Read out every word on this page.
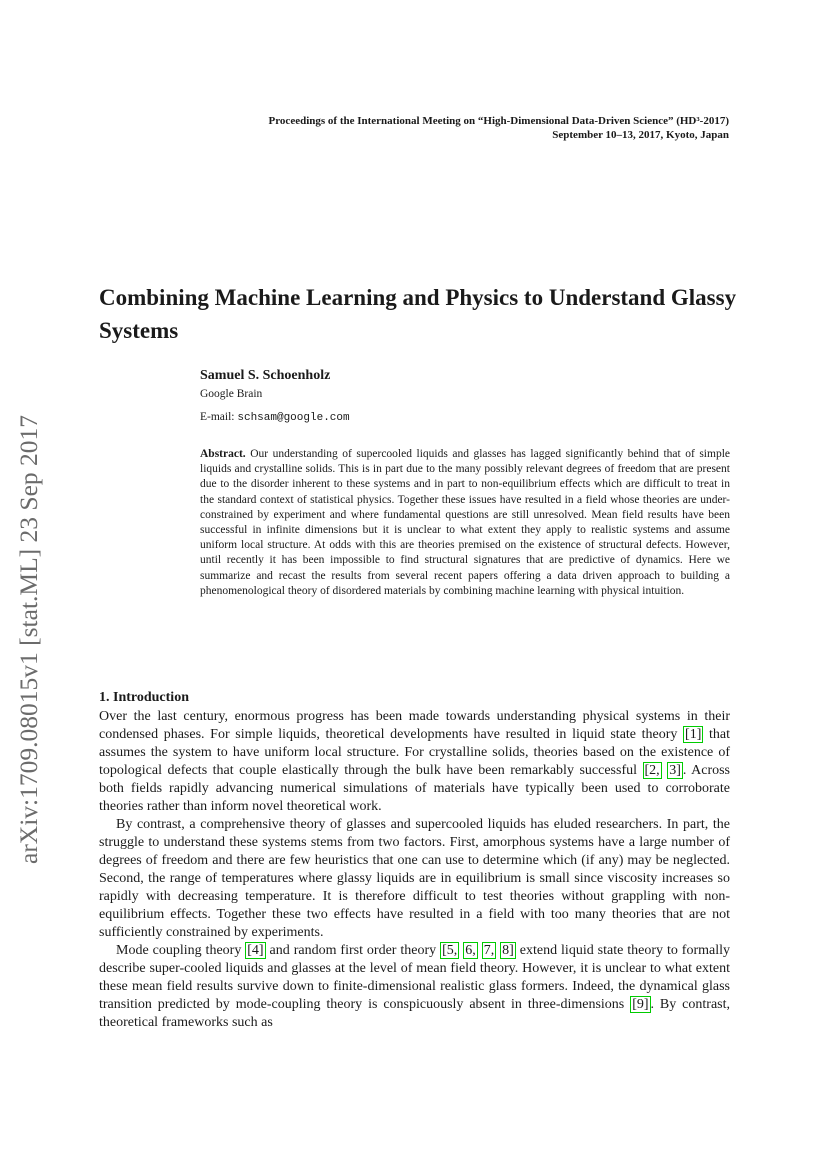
Proceedings of the International Meeting on “High-Dimensional Data-Driven Science” (HD³-2017)
September 10–13, 2017, Kyoto, Japan
arXiv:1709.08015v1 [stat.ML] 23 Sep 2017
Combining Machine Learning and Physics to Understand Glassy Systems
Samuel S. Schoenholz
Google Brain
E-mail: schsam@google.com
Abstract. Our understanding of supercooled liquids and glasses has lagged significantly behind that of simple liquids and crystalline solids. This is in part due to the many possibly relevant degrees of freedom that are present due to the disorder inherent to these systems and in part to non-equilibrium effects which are difficult to treat in the standard context of statistical physics. Together these issues have resulted in a field whose theories are under-constrained by experiment and where fundamental questions are still unresolved. Mean field results have been successful in infinite dimensions but it is unclear to what extent they apply to realistic systems and assume uniform local structure. At odds with this are theories premised on the existence of structural defects. However, until recently it has been impossible to find structural signatures that are predictive of dynamics. Here we summarize and recast the results from several recent papers offering a data driven approach to building a phenomenological theory of disordered materials by combining machine learning with physical intuition.
1. Introduction

Over the last century, enormous progress has been made towards understanding physical systems in their condensed phases. For simple liquids, theoretical developments have resulted in liquid state theory [1] that assumes the system to have uniform local structure. For crystalline solids, theories based on the existence of topological defects that couple elastically through the bulk have been remarkably successful [2, 3] . Across both fields rapidly advancing numerical simulations of materials have typically been used to corroborate theories rather than inform novel theoretical work.

By contrast, a comprehensive theory of glasses and supercooled liquids has eluded researchers. In part, the struggle to understand these systems stems from two factors. First, amorphous systems have a large number of degrees of freedom and there are few heuristics that one can use to determine which (if any) may be neglected. Second, the range of temperatures where glassy liquids are in equilibrium is small since viscosity increases so rapidly with decreasing temperature. It is therefore difficult to test theories without grappling with non-equilibrium effects. Together these two effects have resulted in a field with too many theories that are not sufficiently constrained by experiments.

Mode coupling theory [4] and random first order theory [5, 6, 7, 8] extend liquid state theory to formally describe super-cooled liquids and glasses at the level of mean field theory. However, it is unclear to what extent these mean field results survive down to finite-dimensional realistic glass formers. Indeed, the dynamical glass transition predicted by mode-coupling theory is conspicuously absent in three-dimensions [9] . By contrast, theoretical frameworks such as
